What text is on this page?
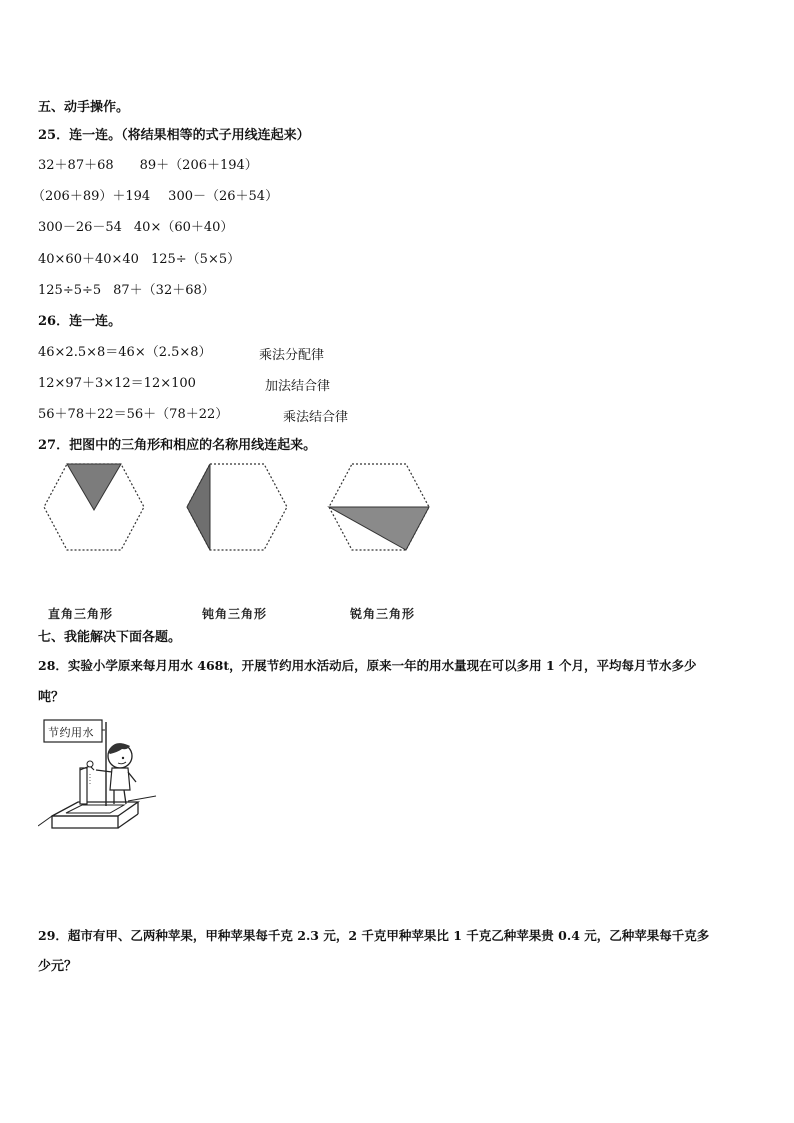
五、动手操作。
25．连一连。（将结果相等的式子用线连起来）
32＋87＋68 89＋（206＋194）
（206＋89）＋194 300－（26＋54）
300－26－54 40×（60＋40）
40×60＋40×40 125÷（5×5）
125÷5÷5 87＋（32＋68）
26．连一连。
46×2.5×8＝46×（2.5×8）	乘法分配律
12×97＋3×12＝12×100	加法结合律
56＋78＋22＝56＋（78＋22）	乘法结合律
27．把图中的三角形和相应的名称用线连起来。
直角三角形	钝角三角形	锐角三角形
七、我能解决下面各题。
28．实验小学原来每月用水 468t，开展节约用水活动后，原来一年的用水量现在可以多用 1 个月，平均每月节水多少
吨？
节约用水
29．超市有甲、乙两种苹果，甲种苹果每千克 2.3 元，2 千克甲种苹果比 1 千克乙种苹果贵 0.4 元，乙种苹果每千克多
少元？
